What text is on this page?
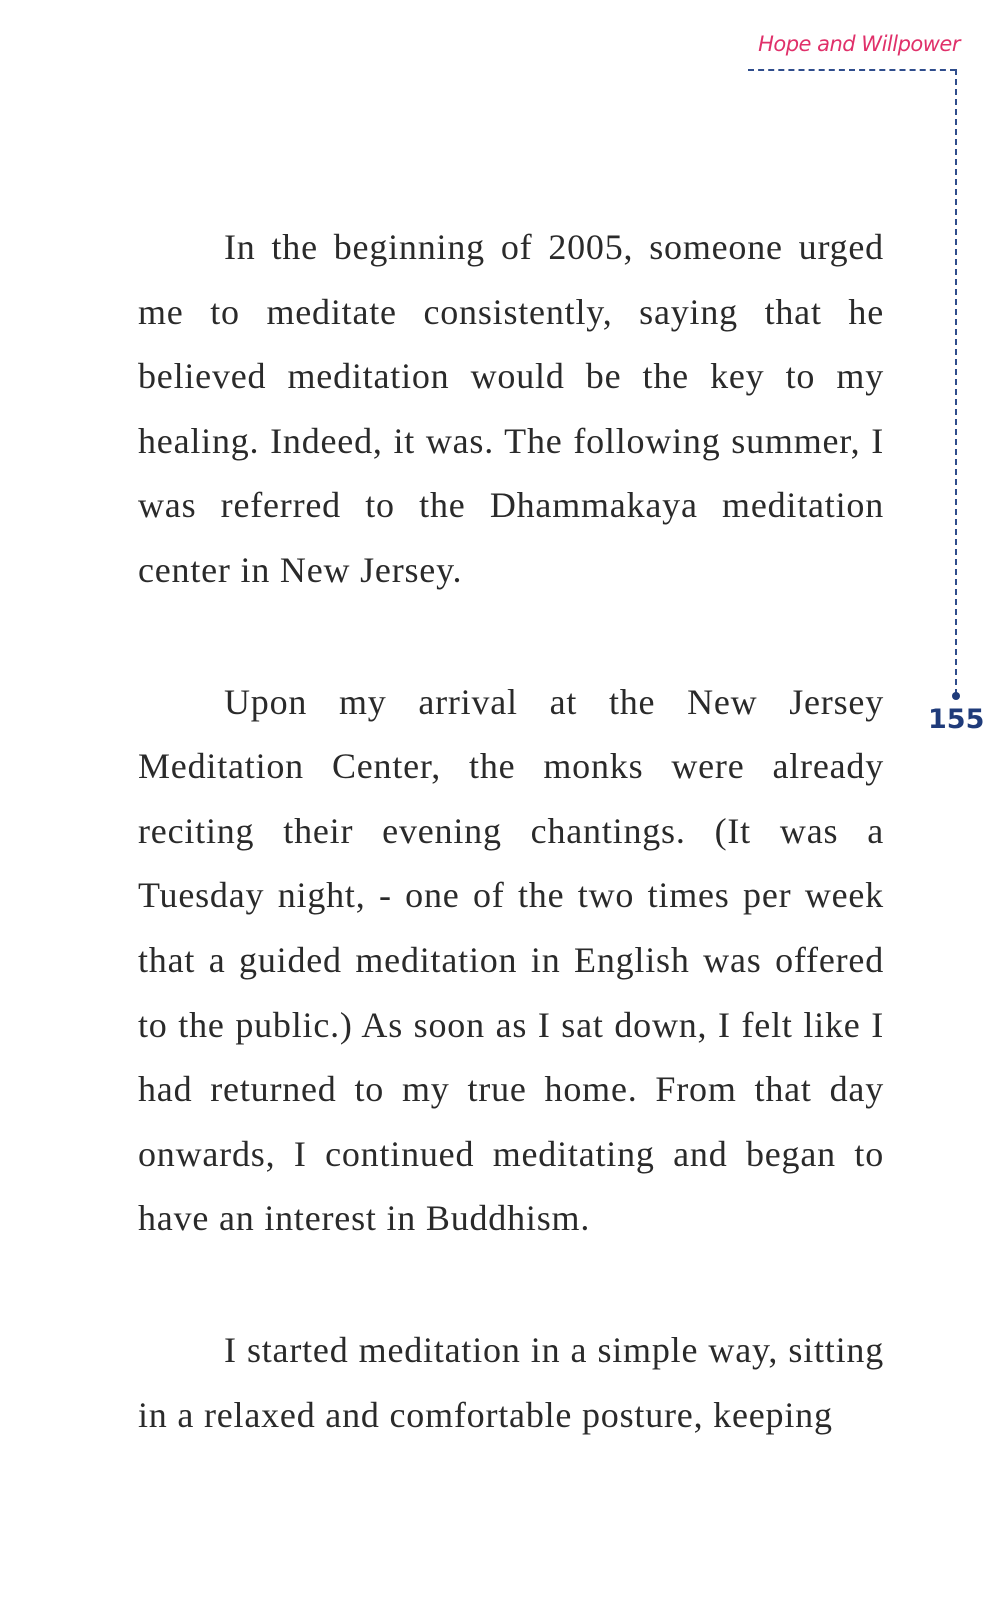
Hope and Willpower
155

In the beginning of 2005, someone urged me to meditate consistently, saying that he believed meditation would be the key to my healing. Indeed, it was. The following summer, I was referred to the Dhammakaya meditation center in New Jersey.

Upon my arrival at the New Jersey Meditation Center, the monks were already reciting their evening chantings. (It was a Tuesday night, - one of the two times per week that a guided meditation in English was offered to the public.) As soon as I sat down, I felt like I had returned to my true home. From that day onwards, I continued meditating and began to have an interest in Buddhism.

I started meditation in a simple way, sitting in a relaxed and comfortable posture, keeping
